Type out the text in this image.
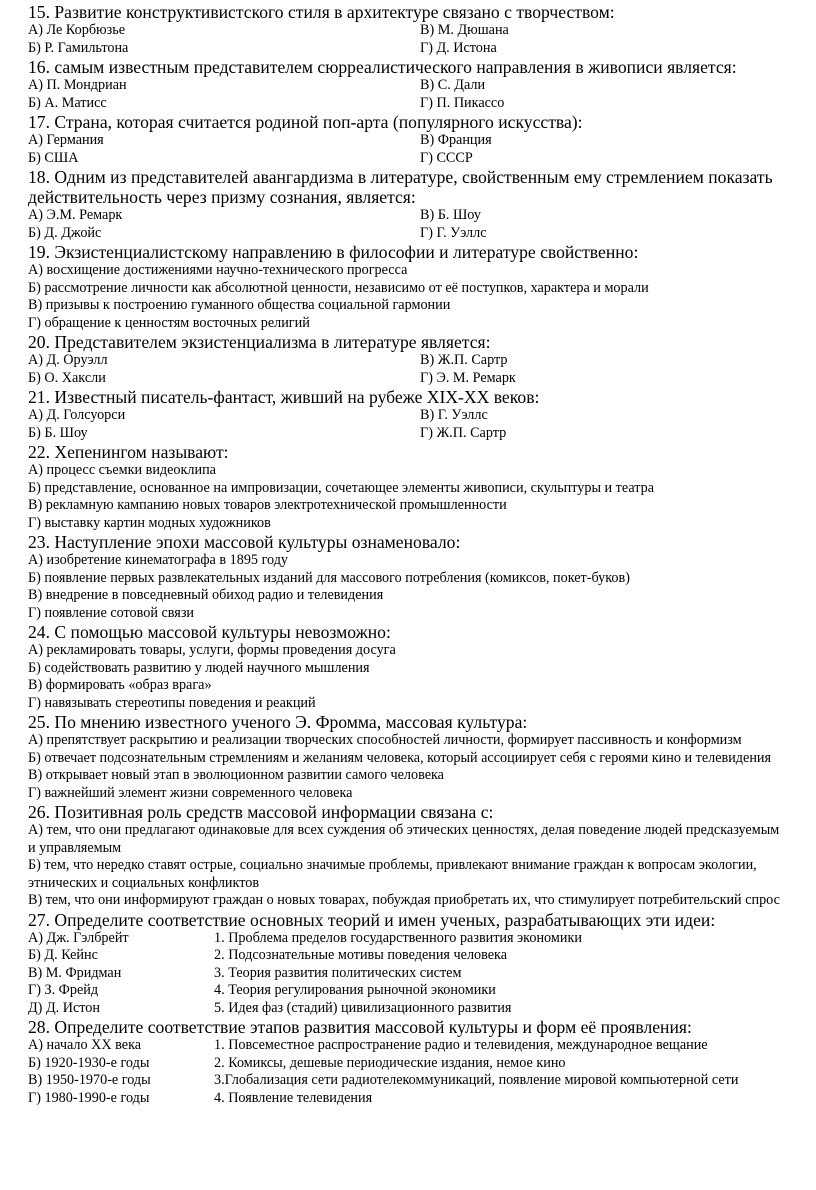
15. Развитие конструктивистского стиля в архитектуре связано с творчеством:

А) Ле Корбюзье	В) М. Дюшана

Б) Р. Гамильтона	Г) Д. Истона

16. самым известным представителем сюрреалистического направления в живописи является:

А) П. Мондриан	В) С. Дали

Б) А. Матисс	Г) П. Пикассо

17. Страна, которая считается родиной поп-арта (популярного искусства):

А) Германия	В) Франция

Б) США	Г) СССР

18. Одним из представителей авангардизма в литературе, свойственным ему стремлением показать действительность через призму сознания, является:

А) Э.М. Ремарк	В) Б. Шоу

Б) Д. Джойс	Г) Г. Уэллс

19. Экзистенциалистскому направлению в философии и литературе свойственно:

А) восхищение достижениями научно-технического прогресса

Б) рассмотрение личности как абсолютной ценности, независимо от её поступков, характера и морали

В) призывы к построению гуманного общества социальной гармонии

Г) обращение к ценностям восточных религий

20. Представителем экзистенциализма в литературе является:

А) Д. Оруэлл	В) Ж.П. Сартр

Б) О. Хаксли	Г) Э. М. Ремарк

21. Известный писатель-фантаст, живший на рубеже XIX-XX веков:

А) Д. Голсуорси	В) Г. Уэллс

Б) Б. Шоу	Г) Ж.П. Сартр

22. Хепенингом называют:

А) процесс съемки видеоклипа

Б) представление, основанное на импровизации, сочетающее элементы живописи, скульптуры и театра

В) рекламную кампанию новых товаров электротехнической промышленности

Г) выставку картин модных художников

23. Наступление эпохи массовой культуры ознаменовало:

А) изобретение кинематографа в 1895 году

Б) появление первых развлекательных изданий для массового потребления (комиксов, покет-буков)

В) внедрение в повседневный обиход радио и телевидения

Г) появление сотовой связи

24. С помощью массовой культуры невозможно:

А) рекламировать товары, услуги, формы проведения досуга

Б) содействовать развитию у людей научного мышления

В) формировать «образ врага»

Г) навязывать стереотипы поведения и реакций

25. По мнению известного ученого Э. Фромма, массовая культура:

А) препятствует раскрытию и реализации творческих способностей личности, формирует пассивность и конформизм

Б) отвечает подсознательным стремлениям и желаниям человека, который ассоциирует себя с героями кино и телевидения

В) открывает новый этап в эволюционном развитии самого человека

Г) важнейший элемент жизни современного человека

26. Позитивная роль средств массовой информации связана с:

А) тем, что они предлагают одинаковые для всех суждения об этических ценностях, делая поведение людей предсказуемым и управляемым

Б) тем, что нередко ставят острые, социально значимые проблемы, привлекают внимание граждан к вопросам экологии, этнических и социальных конфликтов

В) тем, что они информируют граждан о новых товарах, побуждая приобретать их, что стимулирует потребительский спрос

27. Определите соответствие основных теорий и имен ученых, разрабатывающих эти идеи:

А) Дж. Гэлбрейт	1. Проблема пределов государственного развития экономики

Б) Д. Кейнс	2. Подсознательные мотивы поведения человека

В) М. Фридман	3. Теория развития политических систем

Г) З. Фрейд	4. Теория регулирования рыночной экономики

Д) Д. Истон	5. Идея фаз (стадий) цивилизационного развития

28. Определите соответствие этапов развития массовой культуры и форм её проявления:

А) начало XX века	1. Повсеместное распространение радио и телевидения, международное вещание

Б) 1920-1930-е годы	2. Комиксы, дешевые периодические издания, немое кино

В) 1950-1970-е годы	3.Глобализация сети радиотелекоммуникаций, появление мировой компьютерной сети

Г) 1980-1990-е годы	4. Появление телевидения
